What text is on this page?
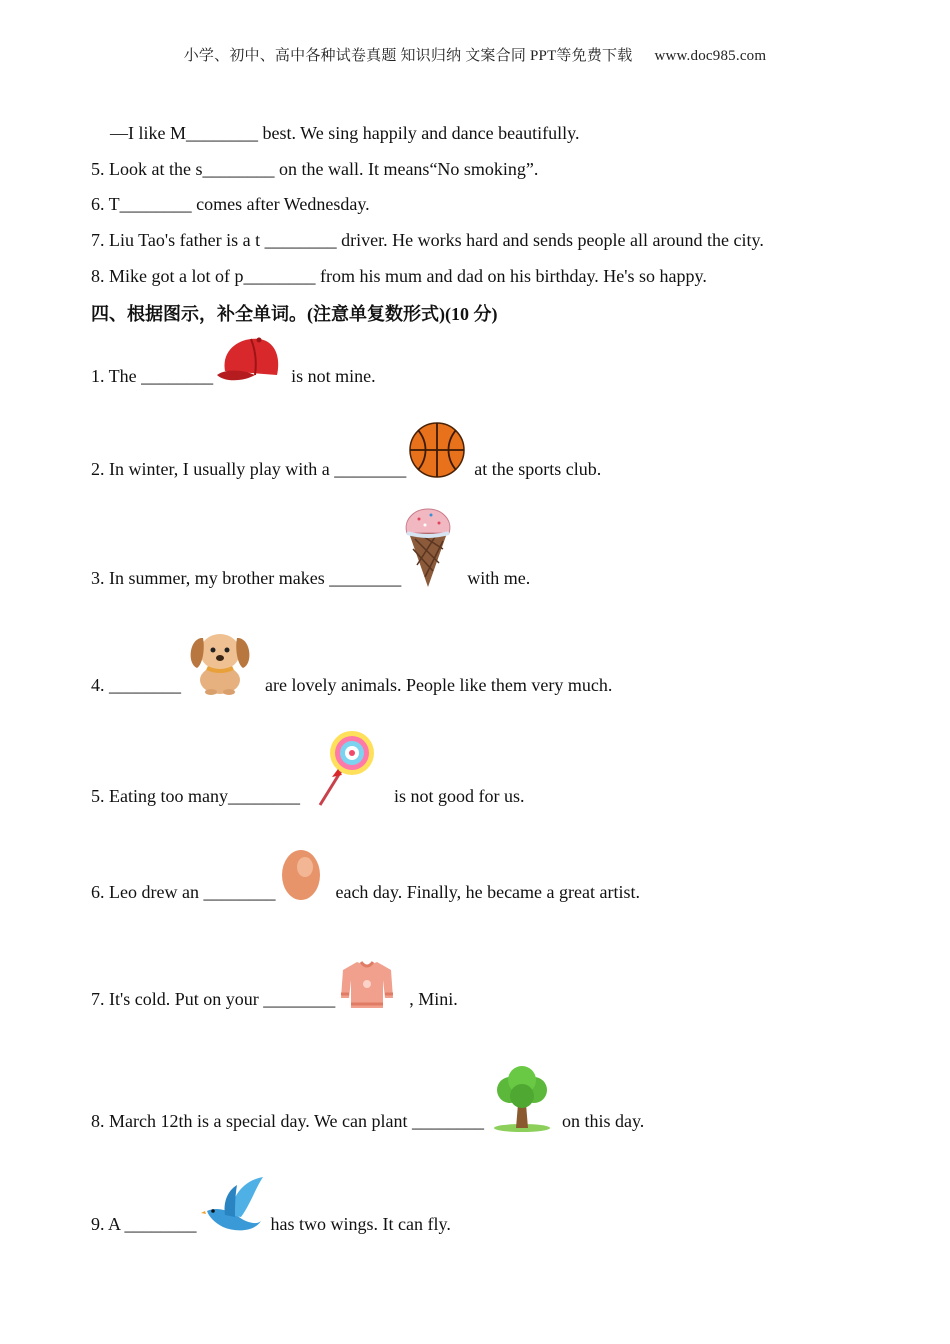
小学、初中、高中各种试卷真题 知识归纳 文案合同 PPT等免费下载 www.doc985.com
—I like M________ best. We sing happily and dance beautifully.
5. Look at the s________ on the wall. It means“No smoking”.
6. T________ comes after Wednesday.
7. Liu Tao's father is a t ________ driver. He works hard and sends people all around the city.
8. Mike got a lot of p________ from his mum and dad on his birthday. He's so happy.
四、根据图示，补全单词。(注意单复数形式)(10 分)
1. The ________	is not mine.
2. In winter, I usually play with a ________	at the sports club.
3. In summer, my brother makes ________	with me.
4. ________	are lovely animals. People like them very much.
5. Eating too many________	is not good for us.
6. Leo drew an ________	each day. Finally, he became a great artist.
7. It's cold. Put on your ________	, Mini.
8. March 12th is a special day. We can plant ________	on this day.
9. A ________	has two wings. It can fly.
